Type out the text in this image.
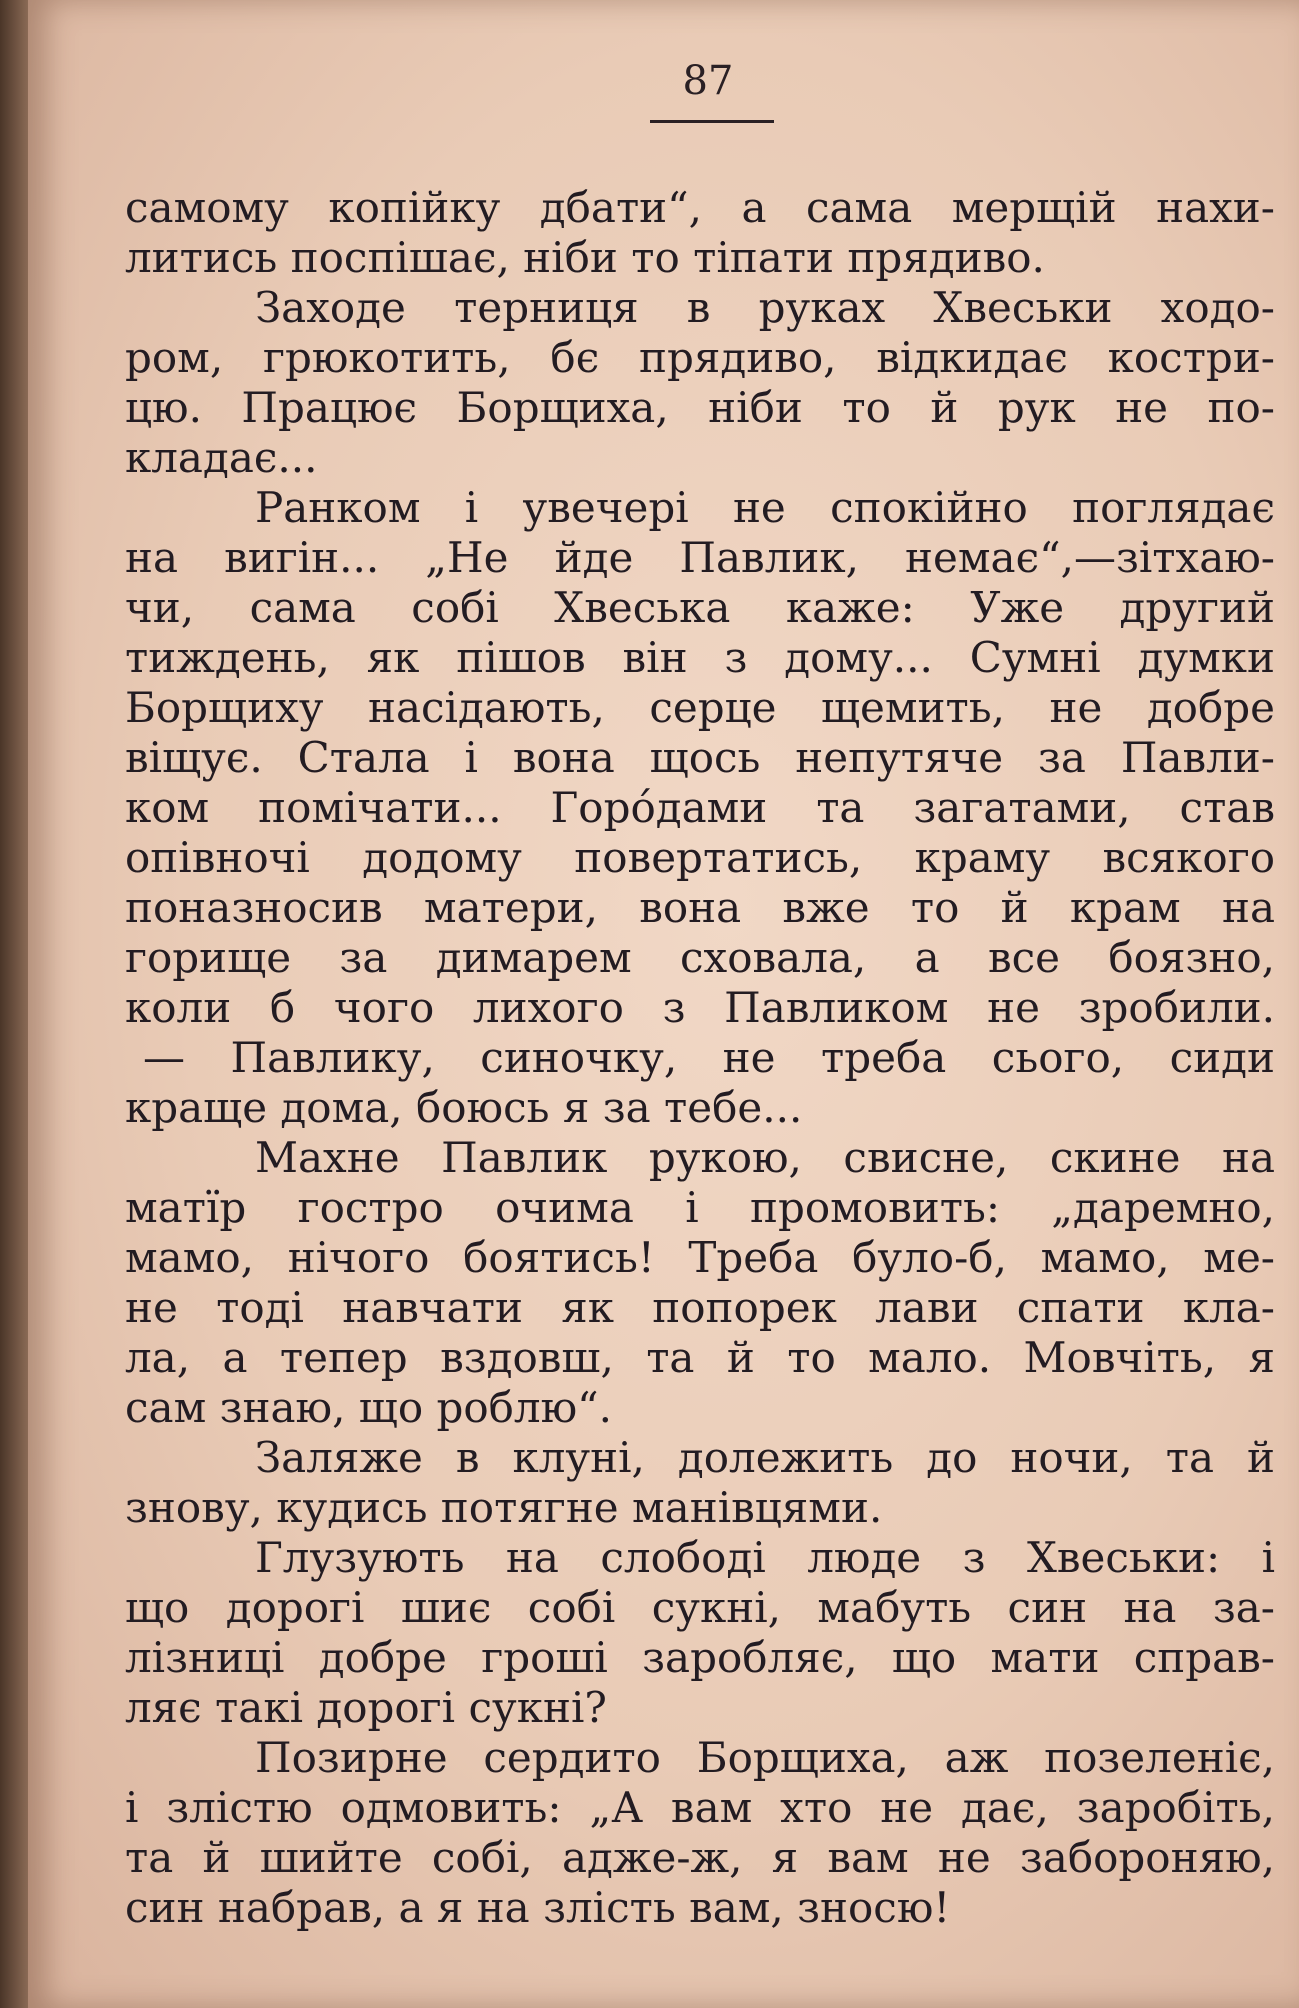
87
самому копійку дбати“, а сама мерщій нахи-
литись поспішає, ніби то тіпати прядиво.
Заходе терниця в руках Хвеськи ходо-
ром, грюкотить, бє прядиво, відкидає костри-
цю. Працює Борщиха, ніби то й рук не по-
кладає...
Ранком і увечері не спокійно поглядає
на вигін... „Не йде Павлик, немає“,—зітхаю-
чи, сама собі Хвеська каже: Уже другий
тиждень, як пішов він з дому... Сумні думки
Борщиху насідають, серце щемить, не добре
віщує. Стала і вона щось непутяче за Павли-
ком помічати... Горóдами та загатами, став
опівночі додому повертатись, краму всякого
поназносив матери, вона вже то й крам на
горище за димарем сховала, а все боязно,
коли б чого лихого з Павликом не зробили.
— Павлику, синочку, не треба сього, сиди
краще дома, боюсь я за тебе...
Махне Павлик рукою, свисне, скине на
матїр гостро очима і промовить: „даремно,
мамо, нічого боятись! Треба було-б, мамо, ме-
не тоді навчати як попорек лави спати кла-
ла, а тепер вздовш, та й то мало. Мовчіть, я
сам знаю, що роблю“.
Заляже в клуні, долежить до ночи, та й
знову, кудись потягне манівцями.
Глузують на слободі люде з Хвеськи: і
що дорогі шиє собі сукні, мабуть син на за-
лізниці добре гроші заробляє, що мати справ-
ляє такі дорогі сукні?
Позирне сердито Борщиха, аж позеленіє,
і злістю одмовить: „А вам хто не дає, заробіть,
та й шийте собі, адже-ж, я вам не забороняю,
син набрав, а я на злість вам, зносю!
